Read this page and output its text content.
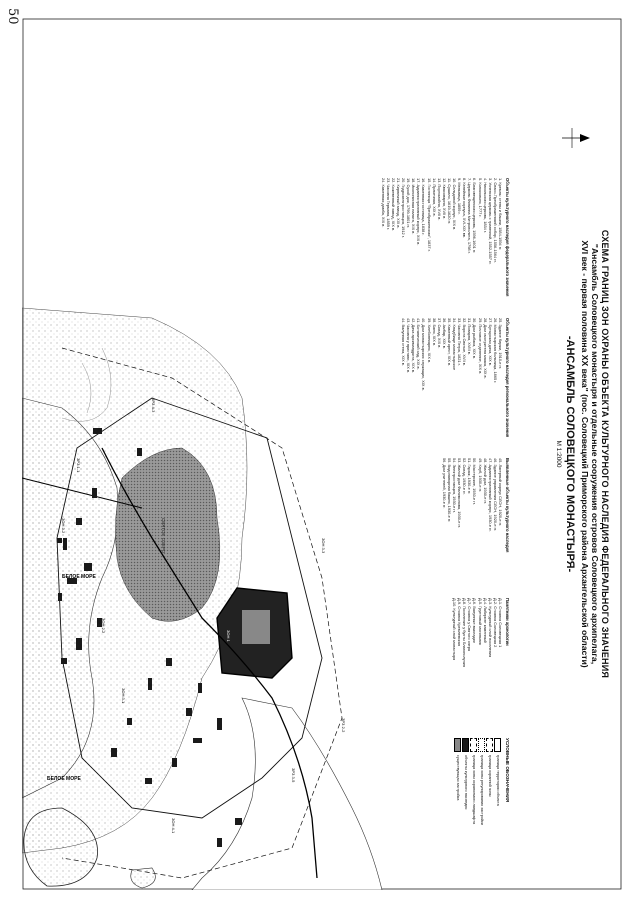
50
БЕЛОЕ МОРЕ
БЕЛОЕ МОРЕ
СВЯТОЕ ОЗЕРО	ЗОН 3-3
ЗОН 3-2
ЗРЗ 1-1
ЗОН 3-1
ЗРЗ 2-2
ЗОН 1
ЗРЗ 3-5
ЗОН 4-1
ЗРЗ 4-3
ЗОН 2-2	СХЕМА ГРАНИЦ ЗОН ОХРАНЫ ОБЪЕКТА КУЛЬТУРНОГО НАСЛЕДИЯ ФЕДЕРАЛЬНОГО ЗНАЧЕНИЯ
"Ансамбль Соловецкого монастыря и отдельные сооружения островов Соловецкого архипелага,
XVI век - первая половина XX века" (пос. Соловецкий Приморского района Архангельской области)
-АНСАМБЛЬ СОЛОВЕЦКОГО МОНАСТЫРЯ-
М 1:2000
Объекты культурного наследия федерального значения
1. Кремль: стены и башни, 1584-1594 гг.
2. Спасо-Преображенский собор, 1556-1564 гг.
3. Успенская церковь с трапезной, 1552-1557 гг.
4. Никольская церковь, 1834 г.
5. Колокольня, 1777 г.
6. Благовещенская церковь, 1596-1601 гг.
7. Церковь Филиппа Митрополита, 1798 г.
8. Келейные корпуса, XVI-XIX вв.
9. Мельница, 1859 г.
10. Сельдяной корпус, XIX в.
11. Сушило, 1619-1620 гг.
12. Квасоварня, XVII в.
13. Портомойня, XVII в.
14. Прачечная, XIX в.
15. Гостиница "Преображенская", 1837 г.
16. Каменная гостиница, 1838 г.
17. Административный корпус, XIX в.
18. Иконописная палата, XIX в.
19. Сухой док, 1799-1801 гг.
20. Гидроэлектростанция, 1912 г.
21. Кирпичный завод, XIX в.
22. Кожевенный завод, XIX в.
23. Часовня Германа, 1859 г.
24. Каменная дамба, XIX в.
Объекты культурного наследия регионального значения
25. Здание биржи, 1910-е гг.
26. Монастырская больница, 1865 г.
27. Бутырская дача, XIX в.
28. Дом смотрителя маяка, XIX в.
29. Почтовое отделение, XIX в.
30. Дом рыбака, XIX в.
31. Поварня, XVIII в.
32. Ворота Святые, XVII в.
33. Часовня Петра, 1821 г.
34. Кладбище монастырское
35. Каменный крест, XIX в.
36. Амбар, XIX в.
37. Склад, XIX в.
38. Баня, XIX в.
39. Хлебопекарня, XIX в.
40. Дом монастырских служащих, XIX в.
41. Ботанический сад, XIX в.
42. Дача архимандрита, XIX в.
43. Часовня у пристани, XIX в.
44. Валунная стена, XIX в.
Выявленные объекты культурного наследия
45. Лагерный корпус СЛОН, 1920-е гг.
46. Здание управления СЛОН, 1920-е гг.
47. Административный корпус, 1930-е гг.
48. Жилой дом, 1930-е гг.
49. Клуб, 1930-е гг.
50. Мастерские, 1930-е гг.
51. Гараж, 1930-е гг.
52. Склад, 1930-е гг.
53. Жилой дом Филимонова, 1930-е гг.
54. Электростанция, 1930-е гг.
55. Водонапорная башня, 1930-е гг.
56. Дом учителей, 1930-е гг.
Памятники археологии
Д-1. Стоянка Соловецкая 1
Д-2. Стоянка Соловецкая 2
Д-3. Культурный слой поселения
Д-4. Лабиринт каменный
Д-5. Грунтовый могильник
Д-6. Валунные выкладки
Д-7. Стоянка у Святого озера
Д-8. Поселение у бухты Благополучия
Д-9. Стоянка Кремлевская
Д-10. Культурный слой монастыря
УСЛОВНЫЕ ОБОЗНАЧЕНИЯ
граница территории объекта
граница охранной зоны
граница зоны регулирования застройки
граница зоны охраняемого ландшафта
объекты культурного наследия
существующая застройка
